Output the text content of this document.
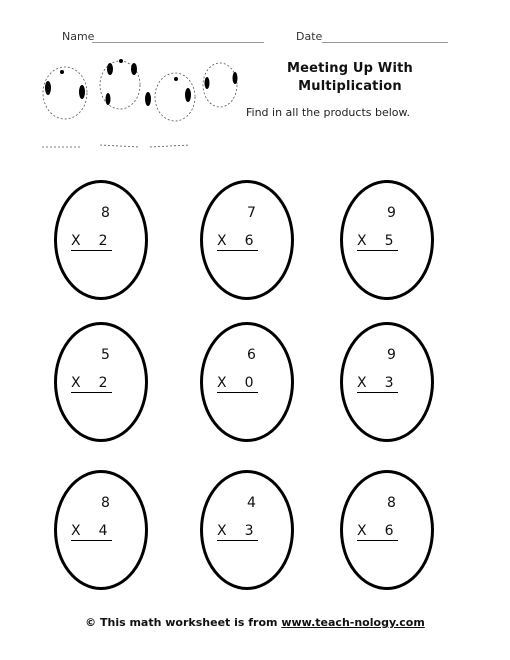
Name	Date
Meeting Up With
Multiplication
Find in all the products below.
8
X 2
7
X 6
9
X 5
5
X 2
6
X 0
9
X 3
8
X 4
4
X 3
8
X 6
© This math worksheet is from www.teach-nology.com
